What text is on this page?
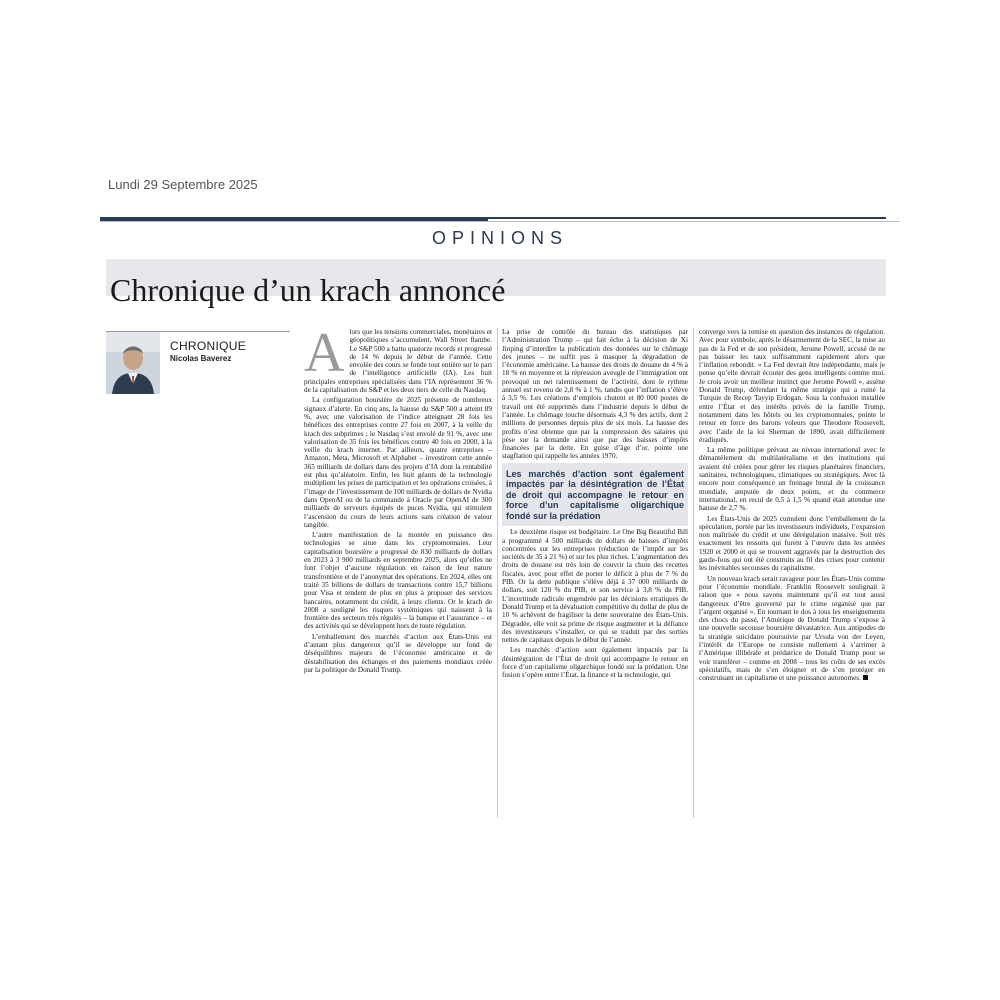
Lundi 29 Septembre 2025
OPINIONS
Chronique d’un krach annoncé
CHRONIQUE
Nicolas Baverez Alors que les tensions commerciales, monétaires et géopolitiques s’accumulent, Wall Street flambe. Le S&P 500 a battu quatorze records et progressé de 14 % depuis le début de l’année. Cette envolée des cours se fonde tout entière sur le pari de l’intelligence artificielle (IA). Les huit principales entreprises spécialisées dans l’IA représentent 36 % de la capitalisation du S&P et les deux tiers de celle du Nasdaq.

La configuration boursière de 2025 présente de nombreux signaux d’alerte. En cinq ans, la hausse du S&P 500 a atteint 89 %, avec une valorisation de l’indice atteignant 28 fois les bénéfices des entreprises contre 27 fois en 2007, à la veille du krach des subprimes ; le Nasdaq s’est envolé de 91 %, avec une valorisation de 35 fois les bénéfices contre 40 fois en 2000, à la veille du krach internet. Par ailleurs, quatre entreprises – Amazon, Meta, Microsoft et Alphabet – investiront cette année 365 milliards de dollars dans des projets d’IA dont la rentabilité est plus qu’aléatoire. Enfin, les huit géants de la technologie multiplient les prises de participation et les opérations croisées, à l’image de l’investissement de 100 milliards de dollars de Nvidia dans OpenAI ou de la commande à Oracle par OpenAI de 300 milliards de serveurs équipés de puces Nvidia, qui stimulent l’ascension du cours de leurs actions sans création de valeur tangible.

L’autre manifestation de la montée en puissance des technologies se situe dans les cryptomonnaies. Leur capitalisation boursière a progressé de 830 milliards de dollars en 2023 à 3 900 milliards en septembre 2025, alors qu’elles ne font l’objet d’aucune régulation en raison de leur nature transfrontière et de l’anonymat des opérations. En 2024, elles ont traité 35 billions de dollars de transactions contre 15,7 billions pour Visa et tendent de plus en plus à proposer des services bancaires, notamment du crédit, à leurs clients. Or le krach de 2008 a souligné les risques systémiques qui naissent à la frontière des secteurs très régulés – la banque et l’assurance – et des activités qui se développent hors de toute régulation.

L’emballement des marchés d’action aux États-Unis est d’autant plus dangereux qu’il se développe sur fond de déséquilibres majeurs de l’économie américaine et de déstabilisation des échanges et des paiements mondiaux créée par la politique de Donald Trump.

La prise de contrôle du bureau des statistiques par l’Administration Trump – qui fait écho à la décision de Xi Jinping d’interdire la publication des données sur le chômage des jeunes – ne suffit pas à masquer la dégradation de l’économie américaine. La hausse des droits de douane de 4 % à 18 % en moyenne et la répression aveugle de l’immigration ont provoqué un net ralentissement de l’activité, dont le rythme annuel est revenu de 2,8 % à 1 %, tandis que l’inflation s’élève à 3,5 %. Les créations d’emplois chutent et 80 000 postes de travail ont été supprimés dans l’industrie depuis le début de l’année. Le chômage touche désormais 4,3 % des actifs, dont 2 millions de personnes depuis plus de six mois. La hausse des profits n’est obtenue que par la compression des salaires qui pèse sur la demande ainsi que par des baisses d’impôts financées par la dette. En guise d’âge d’or, pointe une stagflation qui rappelle les années 1970.

Les marchés d’action sont également impactés par la désintégration de l’État de droit qui accompagne le retour en force d’un capitalisme oligarchique fondé sur la prédation

Le deuxième risque est budgétaire. Le One Big Beautiful Bill a programmé 4 500 milliards de dollars de baisses d’impôts concentrées sur les entreprises (réduction de l’impôt sur les sociétés de 35 à 21 %) et sur les plus riches. L’augmentation des droits de douane est très loin de couvrir la chute des recettes fiscales, avec pour effet de porter le déficit à plus de 7 % du PIB. Or la dette publique s’élève déjà à 37 000 milliards de dollars, soit 120 % du PIB, et son service à 3,8 % du PIB. L’incertitude radicale engendrée par les décisions erratiques de Donald Trump et la dévaluation compétitive du dollar de plus de 10 % achèvent de fragiliser la dette souveraine des États-Unis. Dégradée, elle voit sa prime de risque augmenter et la défiance des investisseurs s’installer, ce qui se traduit par des sorties nettes de capitaux depuis le début de l’année.

Les marchés d’action sont également impactés par la désintégration de l’État de droit qui accompagne le retour en force d’un capitalisme oligarchique fondé sur la prédation. Une fusion s’opère entre l’État, la finance et la technologie, qui

converge vers la remise en question des instances de régulation. Avec pour symbole, après le désarmement de la SEC, la mise au pas de la Fed et de son président, Jerome Powell, accusé de ne pas baisser les taux suffisamment rapidement alors que l’inflation rebondit. « La Fed devrait être indépendante, mais je pense qu’elle devrait écouter des gens intelligents comme moi. Je crois avoir un meilleur instinct que Jerome Powell », assène Donald Trump, défendant la même stratégie qui a ruiné la Turquie de Recep Tayyip Erdogan. Sous la confusion installée entre l’État et des intérêts privés de la famille Trump, notamment dans les hôtels ou les cryptomonnaies, pointe le retour en force des barons voleurs que Theodore Roosevelt, avec l’aide de la loi Sherman de 1890, avait difficilement éradiqués.

La même politique prévaut au niveau international avec le démantèlement du multilatéralisme et des institutions qui avaient été créées pour gérer les risques planétaires financiers, sanitaires, technologiques, climatiques ou stratégiques. Avec là encore pour conséquence un freinage brutal de la croissance mondiale, amputée de deux points, et du commerce international, en recul de 0,5 à 1,5 % quand était attendue une hausse de 2,7 %.

Les États-Unis de 2025 cumulent donc l’emballement de la spéculation, portée par les investisseurs individuels, l’expansion non maîtrisée du crédit et une dérégulation massive. Soit très exactement les ressorts qui furent à l’œuvre dans les années 1920 et 2000 et qui se trouvent aggravés par la destruction des garde-fous qui ont été construits au fil des crises pour contenir les inévitables secousses du capitalisme.

Un nouveau krach serait ravageur pour les États-Unis comme pour l’économie mondiale. Franklin Roosevelt soulignait à raison que « nous savons maintenant qu’il est tout aussi dangereux d’être gouverné par le crime organisé que par l’argent organisé ». En tournant le dos à tous les enseignements des chocs du passé, l’Amérique de Donald Trump s’expose à une nouvelle secousse boursière dévastatrice. Aux antipodes de la stratégie suicidaire poursuivie par Ursula von der Leyen, l’intérêt de l’Europe ne consiste nullement à s’arrimer à l’Amérique illibérale et prédatrice de Donald Trump pour se voir transférer – comme en 2008 – tous les coûts de ses excès spéculatifs, mais de s’en éloigner et de s’en protéger en construisant un capitalisme et une puissance autonomes.
